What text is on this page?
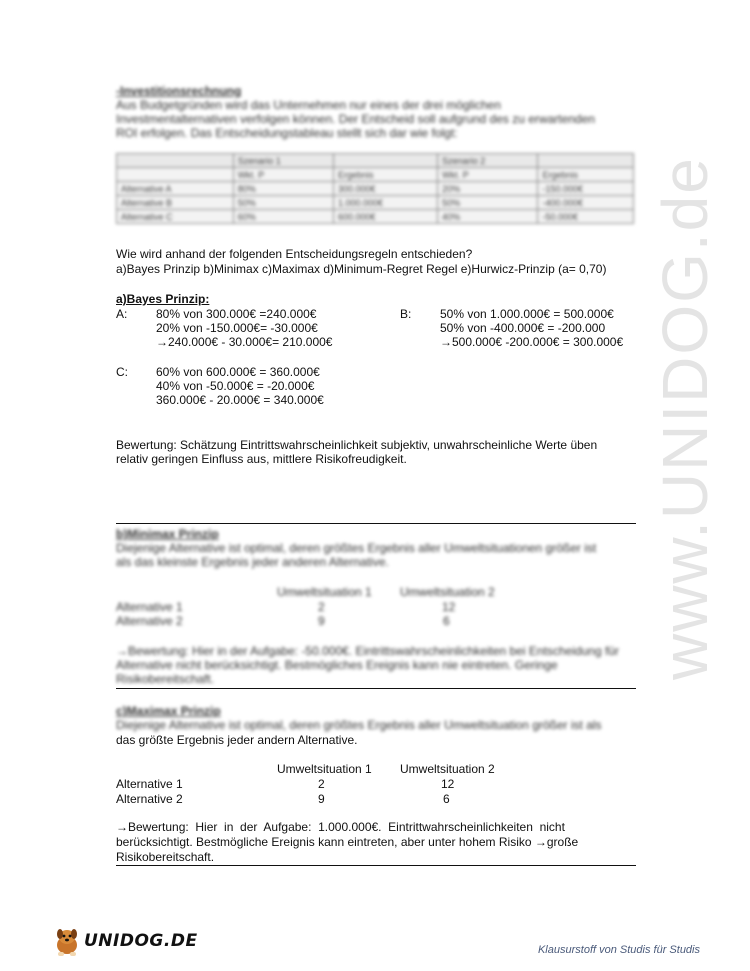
www.UNIDOG.de
-Investitionsrechnung
Aus Budgetgründen wird das Unternehmen nur eines der drei möglichen
Investmentalternativen verfolgen können. Der Entscheid soll aufgrund des zu erwartenden
ROI erfolgen. Das Entscheidungstableau stellt sich dar wie folgt:
	Szenario 1		Szenario 2	
	Wkt. P	Ergebnis	Wkt. P	Ergebnis
Alternative A	80%	300.000€	20%	-150.000€
Alternative B	50%	1.000.000€	50%	-400.000€
Alternative C	60%	600.000€	40%	-50.000€
Wie wird anhand der folgenden Entscheidungsregeln entschieden?
a)Bayes Prinzip b)Minimax c)Maximax d)Minimum-Regret Regel e)Hurwicz-Prinzip (a= 0,70)
a)Bayes Prinzip:
A: 80% von 300.000€ =240.000€
20% von -150.000€= -30.000€
→240.000€ - 30.000€= 210.000€
B: 50% von 1.000.000€ = 500.000€
50% von -400.000€ = -200.000
→500.000€ -200.000€ = 300.000€
C: 60% von 600.000€ = 360.000€
40% von -50.000€ = -20.000€
360.000€ - 20.000€ = 340.000€
Bewertung: Schätzung Eintrittswahrscheinlichkeit subjektiv, unwahrscheinliche Werte üben
relativ geringen Einfluss aus, mittlere Risikofreudigkeit.
b)Minimax Prinzip
Diejenige Alternative ist optimal, deren größtes Ergebnis aller Umweltsituationen größer ist
als das kleinste Ergebnis jeder anderen Alternative.
Umweltsituation 1 Umweltsituation 2
Alternative 1	2	12
Alternative 2	9	6
→Bewertung: Hier in der Aufgabe: -50.000€. Eintrittswahrscheinlichkeiten bei Entscheidung für
Alternative nicht berücksichtigt. Bestmögliches Ereignis kann nie eintreten. Geringe
Risikobereitschaft.
c)Maximax Prinzip
Diejenige Alternative ist optimal, deren größtes Ergebnis aller Umweltsituation größer ist als
das größte Ergebnis jeder andern Alternative.
Umweltsituation 1 Umweltsituation 2
Alternative 1	2	12
Alternative 2	9	6
→Bewertung:  Hier  in  der  Aufgabe:  1.000.000€.  Eintrittwahrscheinlichkeiten  nicht
berücksichtigt. Bestmögliche Ereignis kann eintreten, aber unter hohem Risiko →große
Risikobereitschaft.
UNIDOG.DE	Klausurstoff von Studis für Studis
